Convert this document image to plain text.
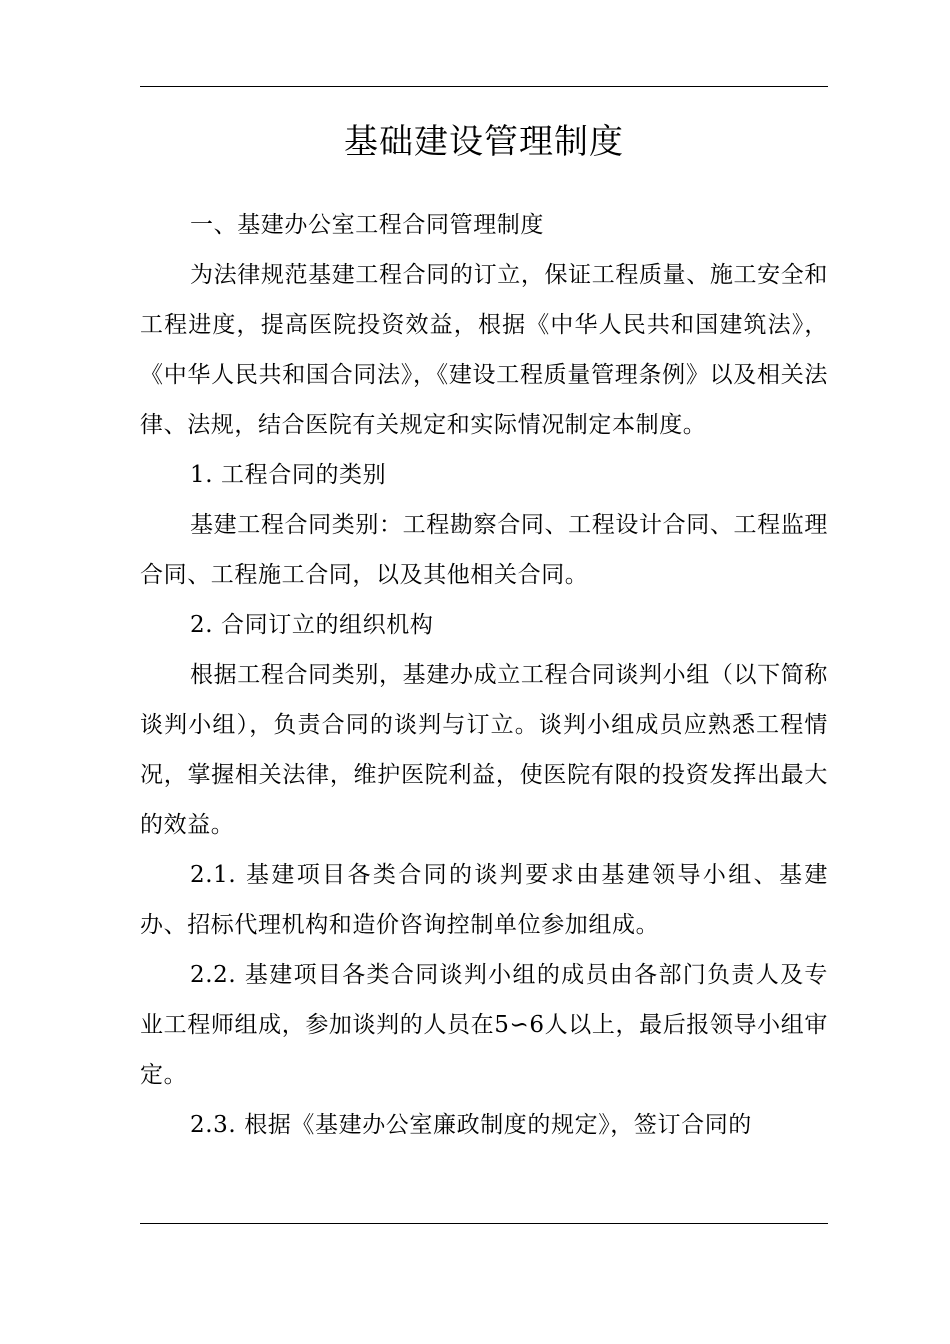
基础建设管理制度

一、基建办公室工程合同管理制度

为法律规范基建工程合同的订立，保证工程质量、施工安全和工程进度，提高医院投资效益，根据《中华人民共和国建筑法》，《中华人民共和国合同法》，《建设工程质量管理条例》以及相关法律、法规，结合医院有关规定和实际情况制定本制度。

1. 工程合同的类别

基建工程合同类别：工程勘察合同、工程设计合同、工程监理合同、工程施工合同，以及其他相关合同。

2. 合同订立的组织机构

根据工程合同类别，基建办成立工程合同谈判小组（以下简称谈判小组），负责合同的谈判与订立。谈判小组成员应熟悉工程情况，掌握相关法律，维护医院利益，使医院有限的投资发挥出最大的效益。

2.1. 基建项目各类合同的谈判要求由基建领导小组、基建办、招标代理机构和造价咨询控制单位参加组成。

2.2. 基建项目各类合同谈判小组的成员由各部门负责人及专业工程师组成，参加谈判的人员在5∽6人以上，最后报领导小组审定。

2.3. 根据《基建办公室廉政制度的规定》，签订合同的
